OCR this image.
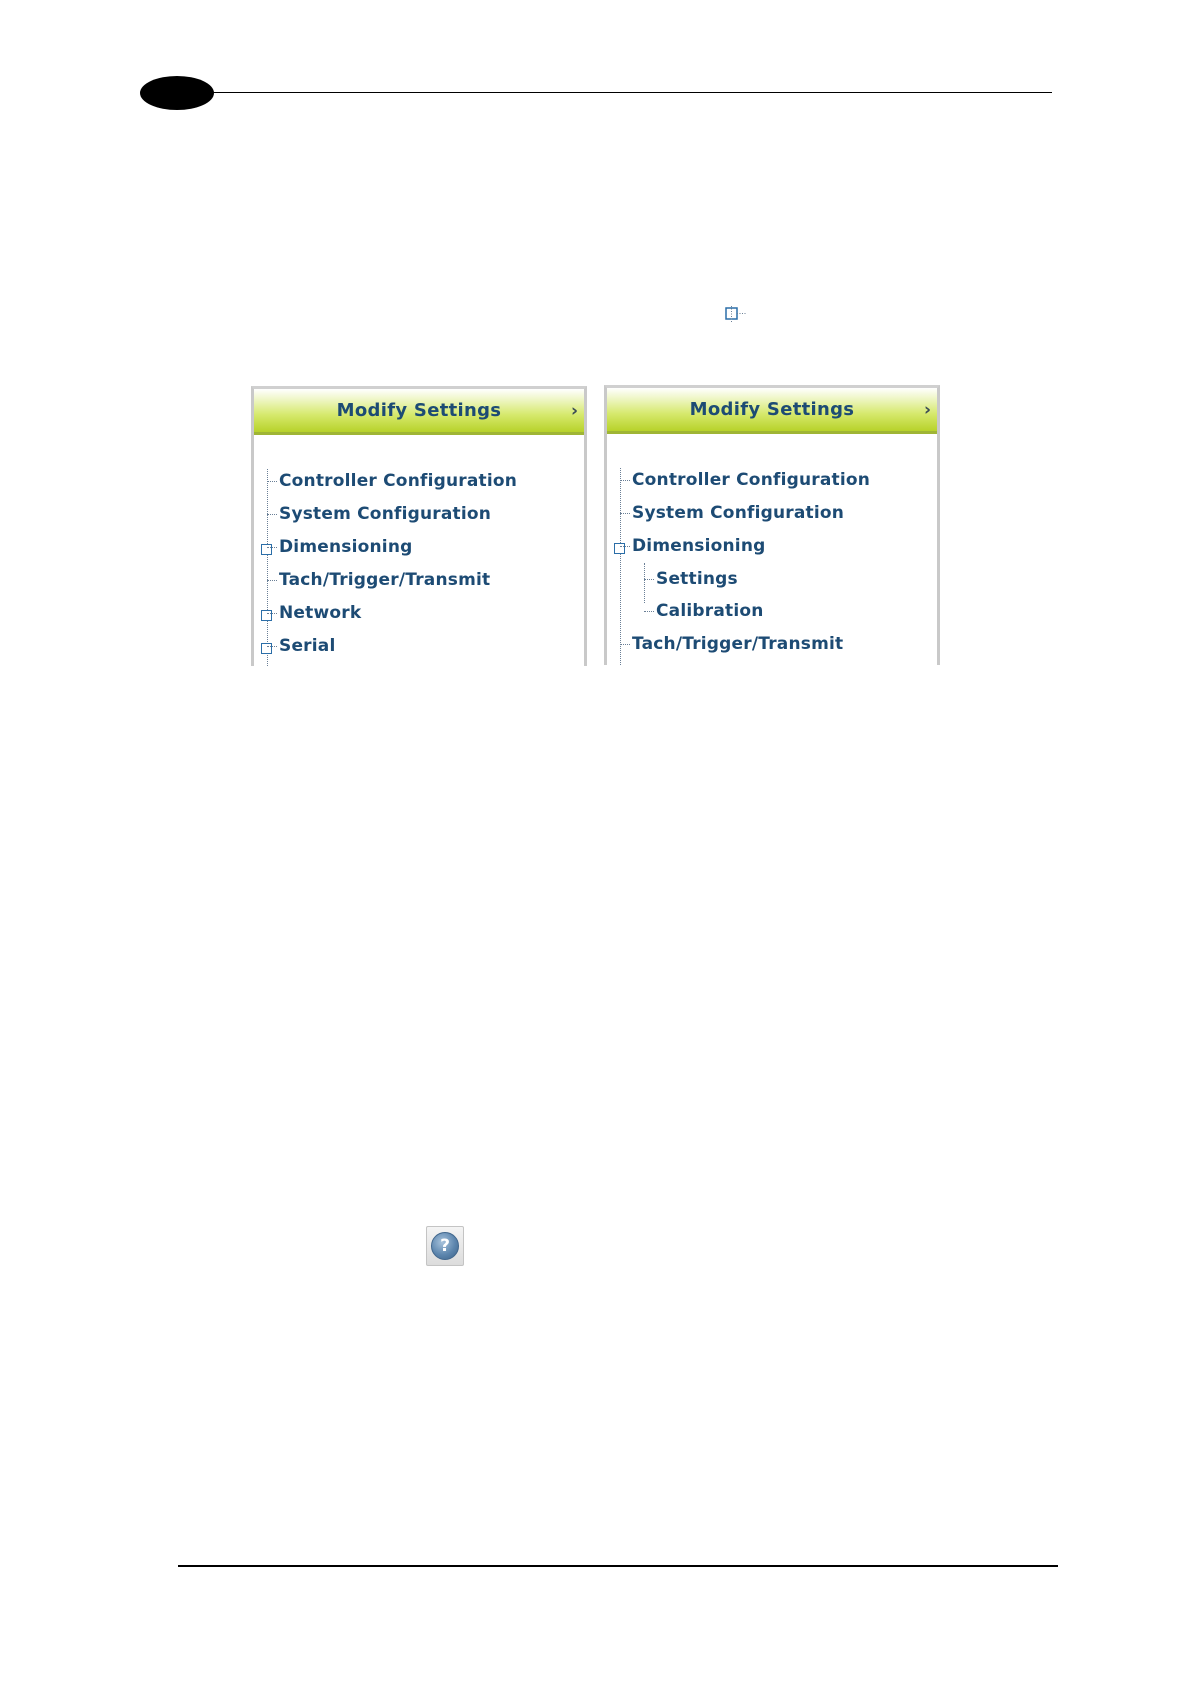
Modify Settings	›
Controller Configuration
System Configuration
Dimensioning
Tach/Trigger/Transmit
Network
Serial
Modify Settings	›
Controller Configuration
System Configuration
Dimensioning
Settings
Calibration
Tach/Trigger/Transmit
?
